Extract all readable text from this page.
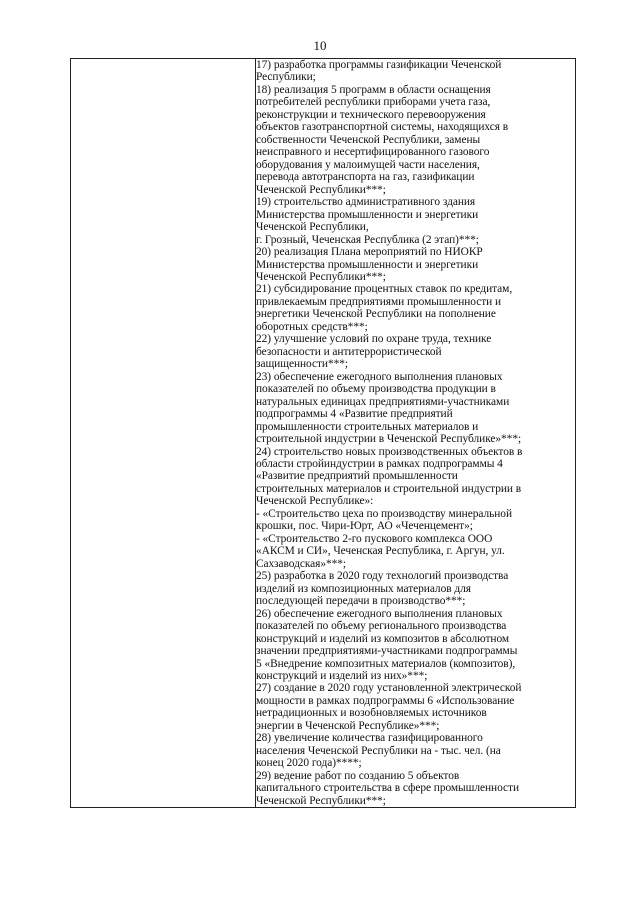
10

17) разработка программы газификации Чеченской
Республики;
18) реализация 5 программ в области оснащения
потребителей республики приборами учета газа,
реконструкции и технического перевооружения
объектов газотранспортной системы, находящихся в
собственности Чеченской Республики, замены
неисправного и несертифицированного газового
оборудования у малоимущей части населения,
перевода автотранспорта на газ, газификации
Чеченской Республики***;
19) строительство административного здания
Министерства промышленности и энергетики
Чеченской Республики,
г. Грозный, Чеченская Республика (2 этап)***;
20) реализация Плана мероприятий по НИОКР
Министерства промышленности и энергетики
Чеченской Республики***;
21) субсидирование процентных ставок по кредитам,
привлекаемым предприятиями промышленности и
энергетики Чеченской Республики на пополнение
оборотных средств***;
22) улучшение условий по охране труда, технике
безопасности и антитеррористической
защищенности***;
23) обеспечение ежегодного выполнения плановых
показателей по объему производства продукции в
натуральных единицах предприятиями-участниками
подпрограммы 4 «Развитие предприятий
промышленности строительных материалов и
строительной индустрии в Чеченской Республике»***;
24) строительство новых производственных объектов в
области стройиндустрии в рамках подпрограммы 4
«Развитие предприятий промышленности
строительных материалов и строительной индустрии в
Чеченской Республике»:
- «Строительство цеха по производству минеральной
крошки, пос. Чири-Юрт, АО «Чеченцемент»;
- «Строительство 2-го пускового комплекса ООО
«АКСМ и СИ», Чеченская Республика, г. Аргун, ул.
Сахзаводская»***;
25) разработка в 2020 году технологий производства
изделий из композиционных материалов для
последующей передачи в производство***;
26) обеспечение ежегодного выполнения плановых
показателей по объему регионального производства
конструкций и изделий из композитов в абсолютном
значении предприятиями-участниками подпрограммы
5 «Внедрение композитных материалов (композитов),
конструкций и изделий из них»***;
27) создание в 2020 году установленной электрической
мощности в рамках подпрограммы 6 «Использование
нетрадиционных и возобновляемых источников
энергии в Чеченской Республике»***;
28) увеличение количества газифицированного
населения Чеченской Республики на - тыс. чел. (на
конец 2020 года)****;
29) ведение работ по созданию 5 объектов
капитального строительства в сфере промышленности
Чеченской Республики***;
